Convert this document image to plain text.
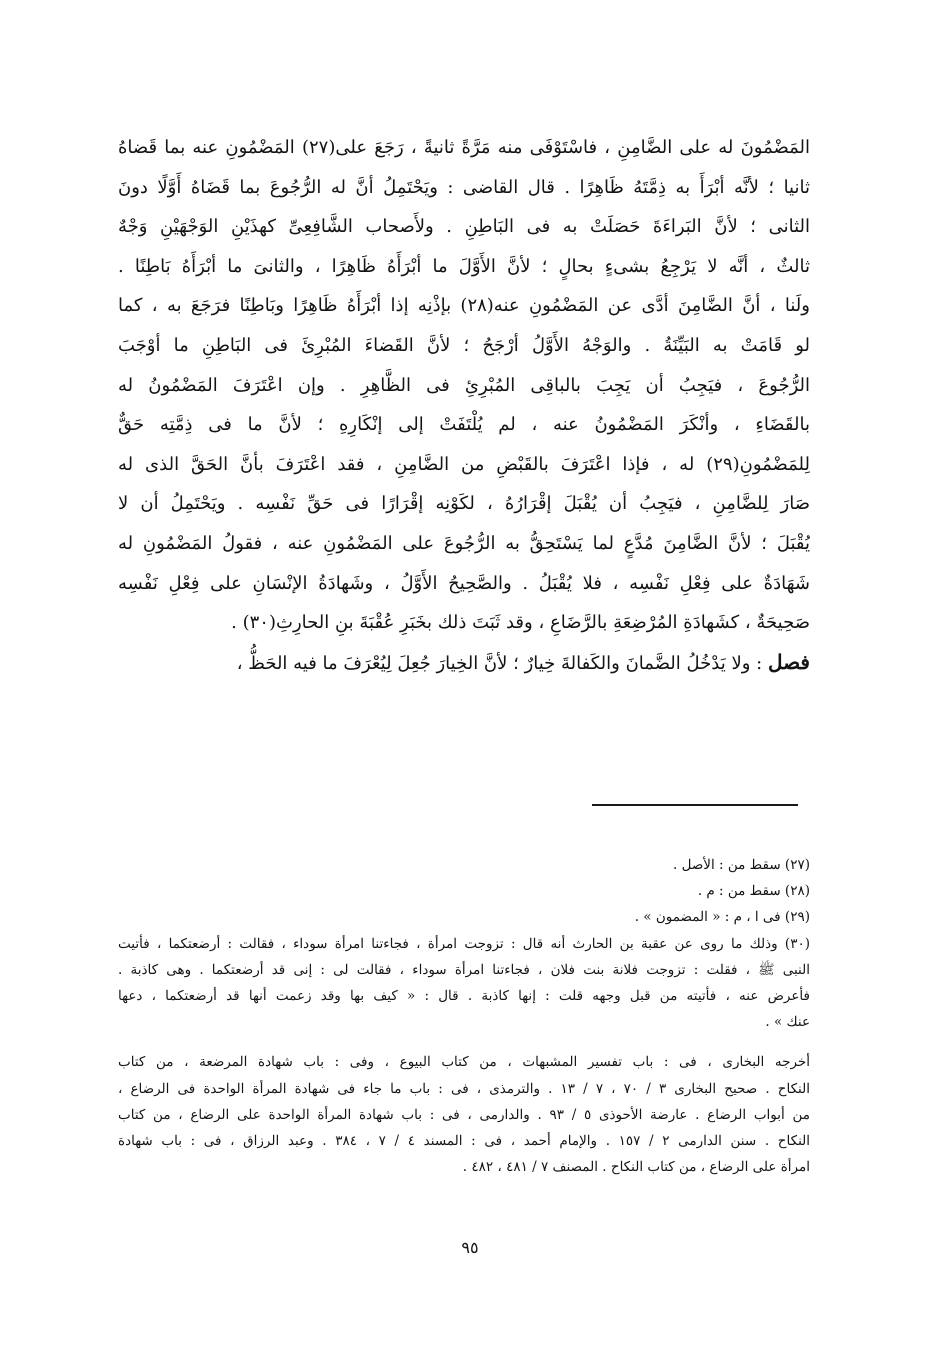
المَضْمُونَ له على الضَّامِنِ ، فاسْتَوْفَى منه مَرَّةً ثانيةً ، رَجَعَ على(٢٧) المَضْمُونِ عنه بما قَضاهُ
ثانيا ؛ لأنَّه أبْرَأَ به ذِمَّتَهُ ظَاهِرًا . قال القاضى : ويَحْتَمِلُ أنَّ له الرُّجُوعَ بما قَضَاهُ أَوَّلًا دونَ
الثانى ؛ لأنَّ البَراءَةَ حَصَلَتْ به فى البَاطِنِ . ولأَصحاب الشَّافِعِىِّ كهذَيْنِ الوَجْهَيْنِ وَجْهٌ
ثالثٌ ، أنَّه لا يَرْجِعُ بشىءٍ بحالٍ ؛ لأنَّ الأَوَّلَ ما أبْرَأَهُ ظَاهِرًا ، والثانىَ ما أبْرَأَهُ بَاطِنًا .
ولَنا ، أنَّ الضَّامِنَ أدَّى عن المَضْمُونِ عنه(٢٨) بإذْنِه إذا أبْرَأَهُ ظَاهِرًا وبَاطِنًا فرَجَعَ به ، كما
لو قَامَتْ به البَيِّنَةُ . والوَجْهُ الأَوَّلُ أرْجَحُ ؛ لأنَّ القَضاءَ المُبْرِئَ فى البَاطِنِ ما أوْجَبَ
الرُّجُوعَ ، فيَجِبُ أن يَجِبَ بالباقِى المُبْرِئِ فى الظَّاهِرِ . وإن اعْتَرَفَ المَضْمُونُ له
بالقَضَاءِ ، وأنْكَرَ المَضْمُونُ عنه ، لم يُلْتَفَتْ إلى إنْكَارِهِ ؛ لأنَّ ما فى ذِمَّتِه حَقٌّ
لِلمَضْمُونِ(٢٩) له ، فإذا اعْتَرَفَ بالقَبْضِ من الضَّامِنِ ، فقد اعْتَرَفَ بأنَّ الحَقَّ الذى له
صَارَ لِلضَّامِنِ ، فيَجِبُ أن يُقْبَلَ إقْرَارُهُ ، لكَوْنِه إقْرَارًا فى حَقِّ نَفْسِه . ويَحْتَمِلُ أن لا
يُقْبَلَ ؛ لأنَّ الضَّامِنَ مُدَّعٍ لما يَسْتَحِقُّ به الرُّجُوعَ على المَضْمُونِ عنه ، فقولُ المَضْمُونِ له
شَهَادَةٌ على فِعْلِ نَفْسِه ، فلا يُقْبَلُ . والصَّحِيحُ الأَوَّلُ ، وشَهادَةُ الإنْسَانِ على فِعْلِ نَفْسِه
صَحِيحَةٌ ، كشَهادَةِ المُرْضِعَةِ بالرَّضَاعِ ، وقد ثَبَتَ ذلك بخَبَرِ عُقْبَةَ بنِ الحارِثِ(٣٠) .
فصل : ولا يَدْخُلُ الضَّمانَ والكَفالةَ خِيارٌ ؛ لأنَّ الخِيارَ جُعِلَ لِيُعْرَفَ ما فيه الحَظُّ ،
(٢٧) سقط من : الأصل .
(٢٨) سقط من : م .
(٢٩) فى ا ، م : « المضمون » .
(٣٠) وذلك ما روى عن عقبة بن الحارث أنه قال : تزوجت امرأة ، فجاءتنا امرأة سوداء ، فقالت : أرضعتكما ، فأتيت
النبى ﷺ ، فقلت : تزوجت فلانة بنت فلان ، فجاءتنا امرأة سوداء ، فقالت لى : إنى قد أرضعتكما . وهى كاذبة .
فأعرض عنه ، فأتيته من قبل وجهه قلت : إنها كاذبة . قال : « كيف بها وقد زعمت أنها قد أرضعتكما ، دعها
عنك » .
أخرجه البخارى ، فى : باب تفسير المشبهات ، من كتاب البيوع ، وفى : باب شهادة المرضعة ، من كتاب
النكاح . صحيح البخارى ٣ / ٧٠ ، ٧ / ١٣ . والترمذى ، فى : باب ما جاء فى شهادة المرأة الواحدة فى الرضاع ،
من أبواب الرضاع . عارضة الأحوذى ٥ / ٩٣ . والدارمى ، فى : باب شهادة المرأة الواحدة على الرضاع ، من كتاب
النكاح . سنن الدارمى ٢ / ١٥٧ . والإمام أحمد ، فى : المسند ٤ / ٧ ، ٣٨٤ . وعبد الرزاق ، فى : باب شهادة
امرأة على الرضاع ، من كتاب النكاح . المصنف ٧ / ٤٨١ ، ٤٨٢ .
٩٥
